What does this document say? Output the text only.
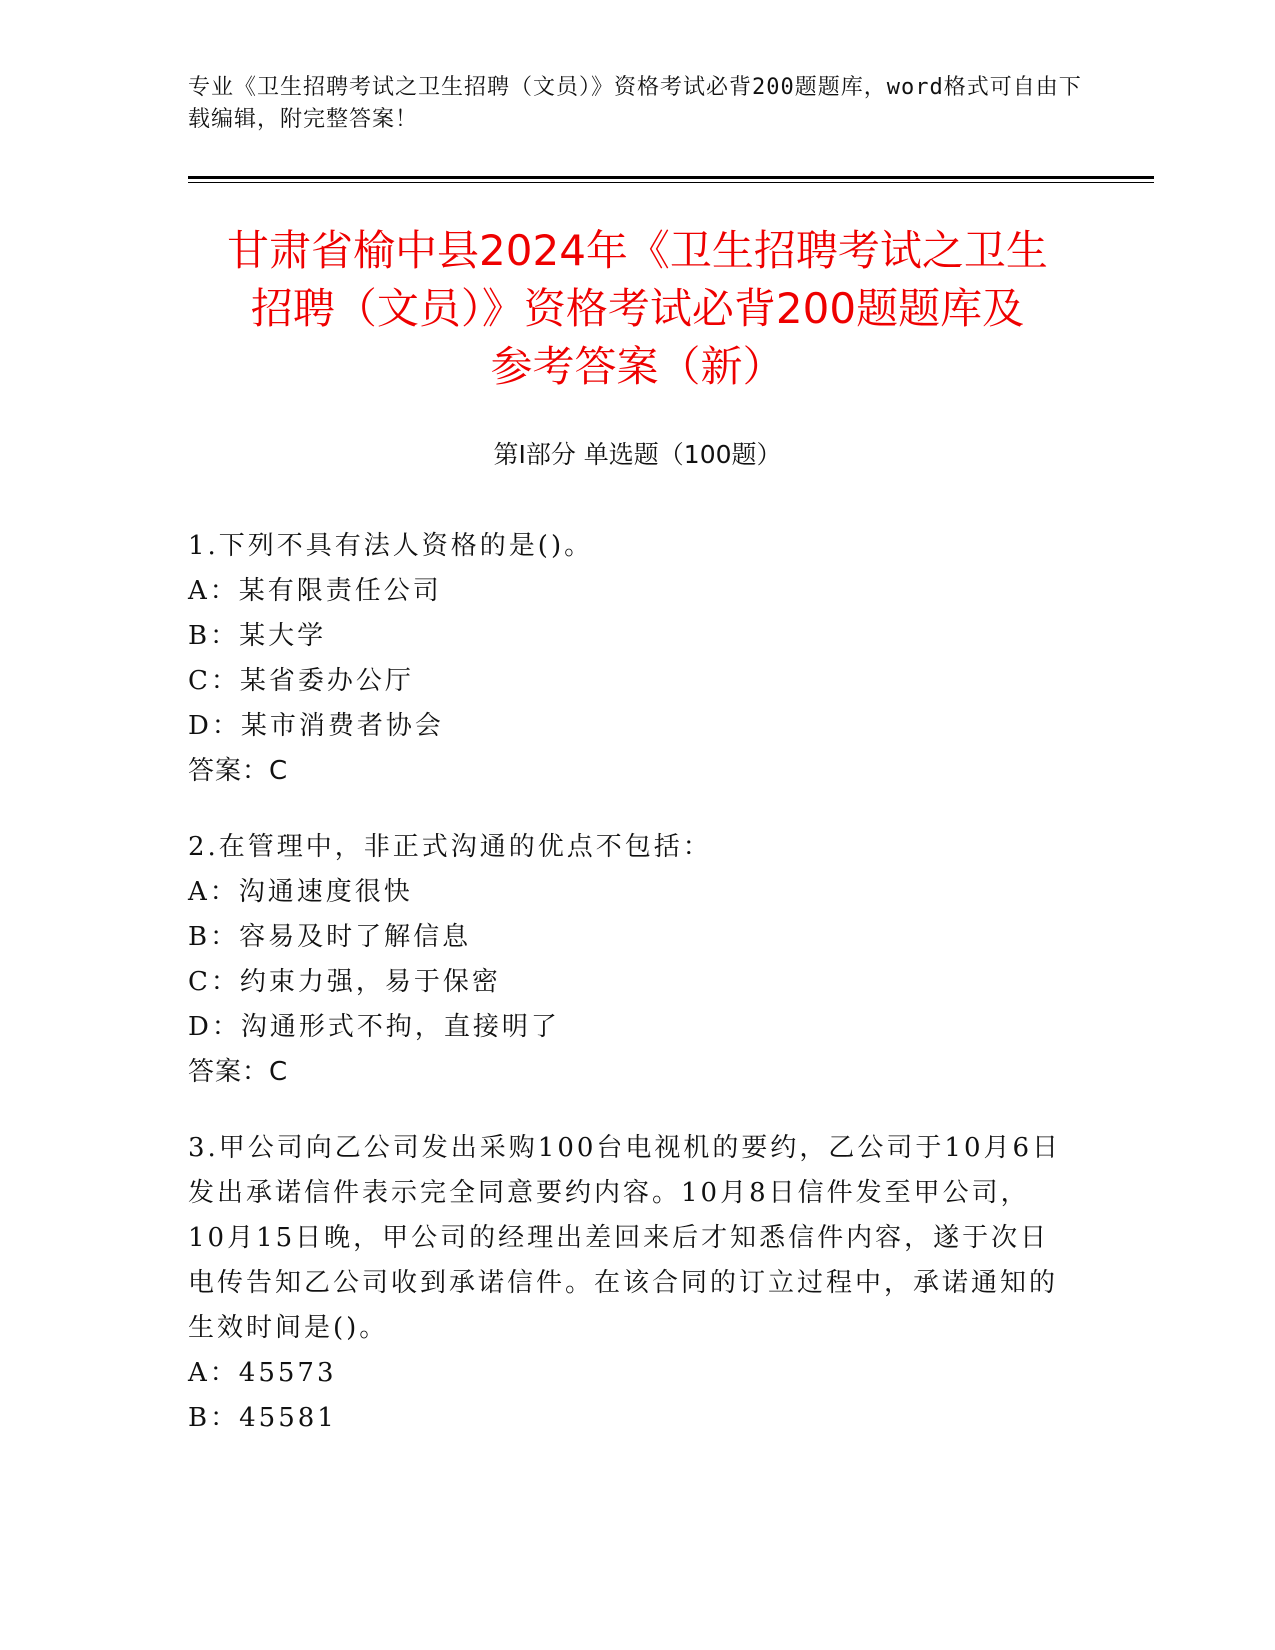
专业《卫生招聘考试之卫生招聘（文员）》资格考试必背200题题库，word格式可自由下载编辑，附完整答案！
甘肃省榆中县2024年《卫生招聘考试之卫生
招聘（文员）》资格考试必背200题题库及
参考答案（新）
第Ⅰ部分 单选题（100题）
1.下列不具有法人资格的是()。
A：某有限责任公司
B：某大学
C：某省委办公厅
D：某市消费者协会
答案：C
2.在管理中，非正式沟通的优点不包括：
A：沟通速度很快
B：容易及时了解信息
C：约束力强，易于保密
D：沟通形式不拘，直接明了
答案：C
3.甲公司向乙公司发出采购100台电视机的要约，乙公司于10月6日发出承诺信件表示完全同意要约内容。10月8日信件发至甲公司，10月15日晚，甲公司的经理出差回来后才知悉信件内容，遂于次日电传告知乙公司收到承诺信件。在该合同的订立过程中，承诺通知的生效时间是()。
A：45573
B：45581
